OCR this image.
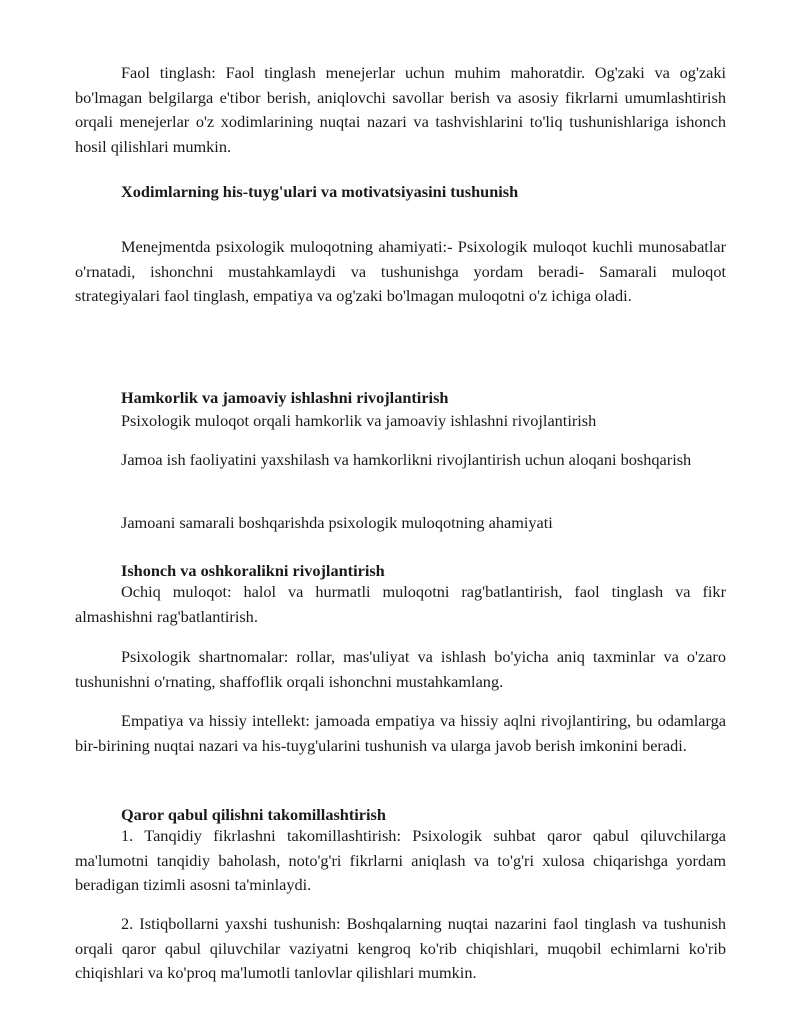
Faol tinglash: Faol tinglash menejerlar uchun muhim mahoratdir. Og'zaki va og'zaki bo'lmagan belgilarga e'tibor berish, aniqlovchi savollar berish va asosiy fikrlarni umumlashtirish orqali menejerlar o'z xodimlarining nuqtai nazari va tashvishlarini to'liq tushunishlariga ishonch hosil qilishlari mumkin.

Xodimlarning his-tuyg'ulari va motivatsiyasini tushunish

Menejmentda psixologik muloqotning ahamiyati:- Psixologik muloqot kuchli munosabatlar o'rnatadi, ishonchni mustahkamlaydi va tushunishga yordam beradi- Samarali muloqot strategiyalari faol tinglash, empatiya va og'zaki bo'lmagan muloqotni o'z ichiga oladi.

Hamkorlik va jamoaviy ishlashni rivojlantirish

Psixologik muloqot orqali hamkorlik va jamoaviy ishlashni rivojlantirish

Jamoa ish faoliyatini yaxshilash va hamkorlikni rivojlantirish uchun aloqani boshqarish

Jamoani samarali boshqarishda psixologik muloqotning ahamiyati

Ishonch va oshkoralikni rivojlantirish

Ochiq muloqot: halol va hurmatli muloqotni rag'batlantirish, faol tinglash va fikr almashishni rag'batlantirish.

Psixologik shartnomalar: rollar, mas'uliyat va ishlash bo'yicha aniq taxminlar va o'zaro tushunishni o'rnating, shaffoflik orqali ishonchni mustahkamlang.

Empatiya va hissiy intellekt: jamoada empatiya va hissiy aqlni rivojlantiring, bu odamlarga bir-birining nuqtai nazari va his-tuyg'ularini tushunish va ularga javob berish imkonini beradi.

Qaror qabul qilishni takomillashtirish

1. Tanqidiy fikrlashni takomillashtirish: Psixologik suhbat qaror qabul qiluvchilarga ma'lumotni tanqidiy baholash, noto'g'ri fikrlarni aniqlash va to'g'ri xulosa chiqarishga yordam beradigan tizimli asosni ta'minlaydi.

2. Istiqbollarni yaxshi tushunish: Boshqalarning nuqtai nazarini faol tinglash va tushunish orqali qaror qabul qiluvchilar vaziyatni kengroq ko'rib chiqishlari, muqobil echimlarni ko'rib chiqishlari va ko'proq ma'lumotli tanlovlar qilishlari mumkin.
